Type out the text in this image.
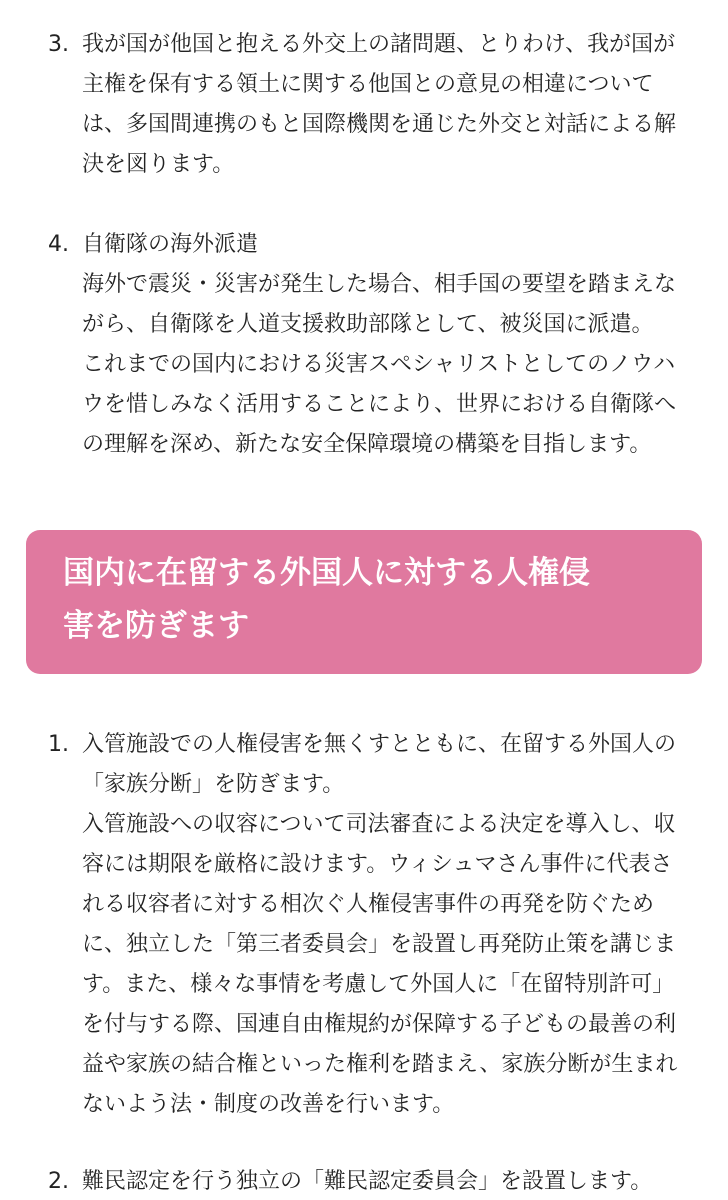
3. 我が国が他国と抱える外交上の諸問題、とりわけ、我が国が
主権を保有する領土に関する他国との意見の相違について
は、多国間連携のもと国際機関を通じた外交と対話による解
決を図ります。
4. 自衛隊の海外派遣
海外で震災・災害が発生した場合、相手国の要望を踏まえな
がら、自衛隊を人道支援救助部隊として、被災国に派遣。
これまでの国内における災害スペシャリストとしてのノウハ
ウを惜しみなく活用することにより、世界における自衛隊へ
の理解を深め、新たな安全保障環境の構築を目指します。
国内に在留する外国人に対する人権侵
害を防ぎます
1. 入管施設での人権侵害を無くすとともに、在留する外国人の
「家族分断」を防ぎます。
入管施設への収容について司法審査による決定を導入し、収
容には期限を厳格に設けます。ウィシュマさん事件に代表さ
れる収容者に対する相次ぐ人権侵害事件の再発を防ぐため
に、独立した「第三者委員会」を設置し再発防止策を講じま
す。また、様々な事情を考慮して外国人に「在留特別許可」
を付与する際、国連自由権規約が保障する子どもの最善の利
益や家族の結合権といった権利を踏まえ、家族分断が生まれ
ないよう法・制度の改善を行います。
2. 難民認定を行う独立の「難民認定委員会」を設置します。
